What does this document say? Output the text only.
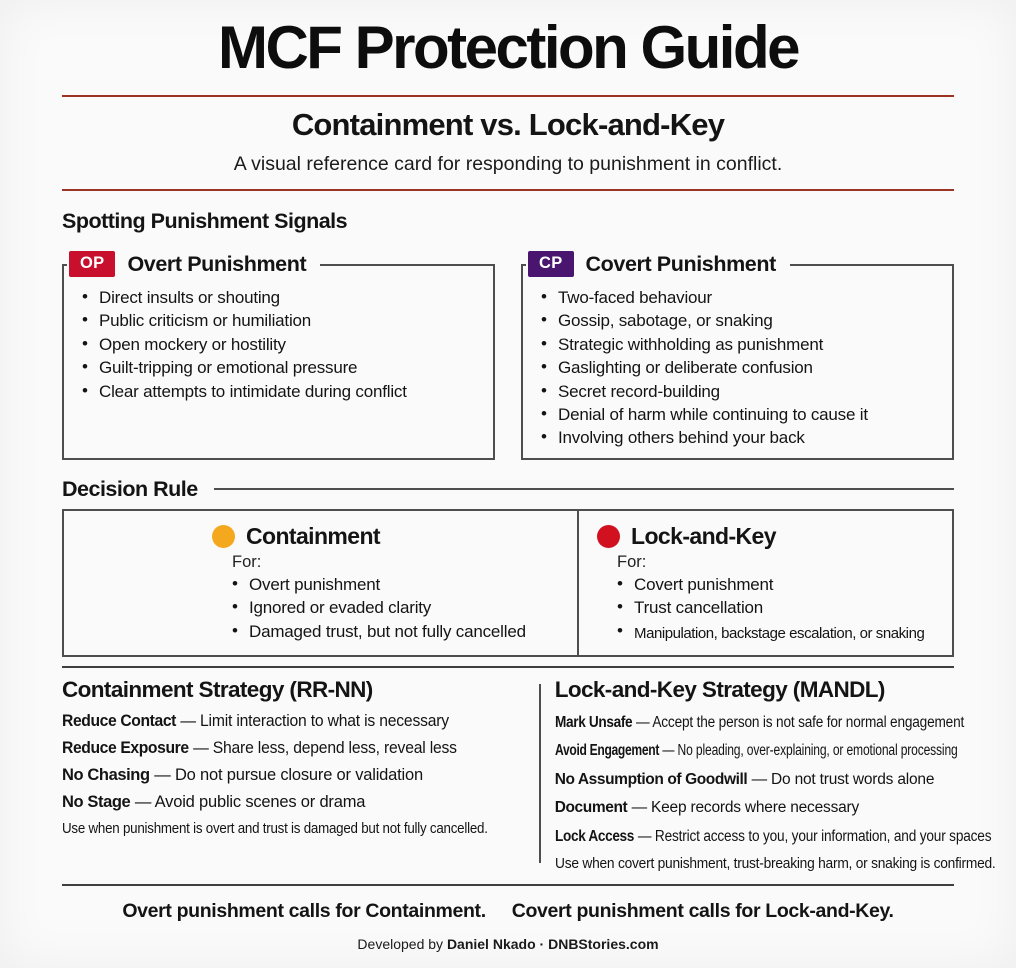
MCF Protection Guide
Containment vs. Lock-and-Key

A visual reference card for responding to punishment in conflict.

Spotting Punishment Signals
OP	Overt Punishment
• Direct insults or shouting
• Public criticism or humiliation
• Open mockery or hostility
• Guilt-tripping or emotional pressure
• Clear attempts to intimidate during conflict
CP	Covert Punishment
• Two-faced behaviour
• Gossip, sabotage, or snaking
• Strategic withholding as punishment
• Gaslighting or deliberate confusion
• Secret record-building
• Denial of harm while continuing to cause it
• Involving others behind your back
Decision Rule
Containment
For:
• Overt punishment
• Ignored or evaded clarity
• Damaged trust, but not fully cancelled
Lock-and-Key
For:
• Covert punishment
• Trust cancellation
• Manipulation, backstage escalation, or snaking
Containment Strategy (RR-NN)
Reduce Contact — Limit interaction to what is necessary
Reduce Exposure — Share less, depend less, reveal less
No Chasing — Do not pursue closure or validation
No Stage — Avoid public scenes or drama

Use when punishment is overt and trust is damaged but not fully cancelled.

Lock-and-Key Strategy (MANDL)
Mark Unsafe — Accept the person is not safe for normal engagement
Avoid Engagement — No pleading, over-explaining, or emotional processing
No Assumption of Goodwill — Do not trust words alone
Document — Keep records where necessary
Lock Access — Restrict access to you, your information, and your spaces

Use when covert punishment, trust-breaking harm, or snaking is confirmed.

Overt punishment calls for Containment. Covert punishment calls for Lock-and-Key.

Developed by Daniel Nkado · DNBStories.com
